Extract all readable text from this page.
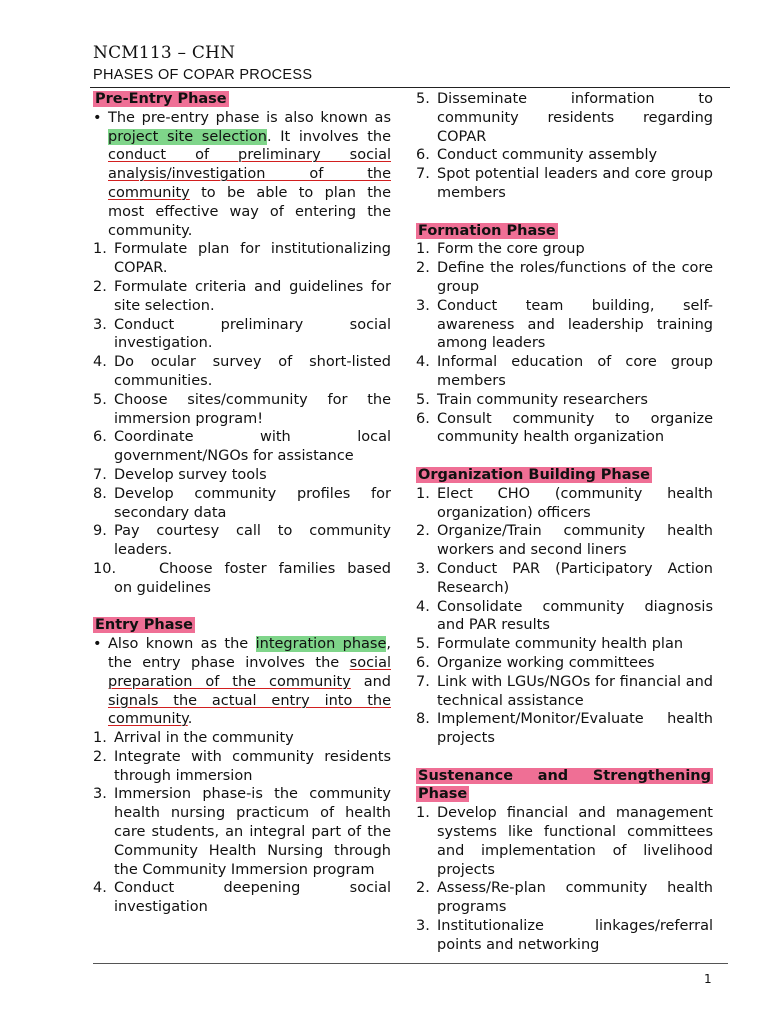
NCM113 – CHN
PHASES OF COPAR PROCESS

Pre-Entry Phase

• The pre-entry phase is also known as project site selection. It involves the conduct of preliminary social analysis/investigation of the community to be able to plan the most effective way of entering the community.

1. Formulate plan for institutionalizing COPAR.
2. Formulate criteria and guidelines for site selection.
3. Conduct preliminary social investigation.
4. Do ocular survey of short-listed communities.
5. Choose sites/community for the immersion program!
6. Coordinate with local government/NGOs for assistance
7. Develop survey tools
8. Develop community profiles for secondary data
9. Pay courtesy call to community leaders.
10.	Choose foster families based on guidelines

Entry Phase

• Also known as the integration phase, the entry phase involves the social preparation of the community and signals the actual entry into the community.

1. Arrival in the community
2. Integrate with community residents through immersion
3. Immersion phase-is the community health nursing practicum of health care students, an integral part of the Community Health Nursing through the Community Immersion program
4. Conduct deepening social investigation
5. Disseminate information to community residents regarding COPAR
6. Conduct community assembly
7. Spot potential leaders and core group members

Formation Phase

1. Form the core group
2. Define the roles/functions of the core group
3. Conduct team building, self-awareness and leadership training among leaders
4. Informal education of core group members
5. Train community researchers
6. Consult community to organize community health organization

Organization Building Phase

1. Elect CHO (community health organization) officers
2. Organize/Train community health workers and second liners
3. Conduct PAR (Participatory Action Research)
4. Consolidate community diagnosis and PAR results
5. Formulate community health plan
6. Organize working committees
7. Link with LGUs/NGOs for financial and technical assistance
8. Implement/Monitor/Evaluate health projects

Sustenance and Strengthening Phase

1. Develop financial and management systems like functional committees and implementation of livelihood projects
2. Assess/Re-plan community health programs
3. Institutionalize linkages/referral points and networking
1
